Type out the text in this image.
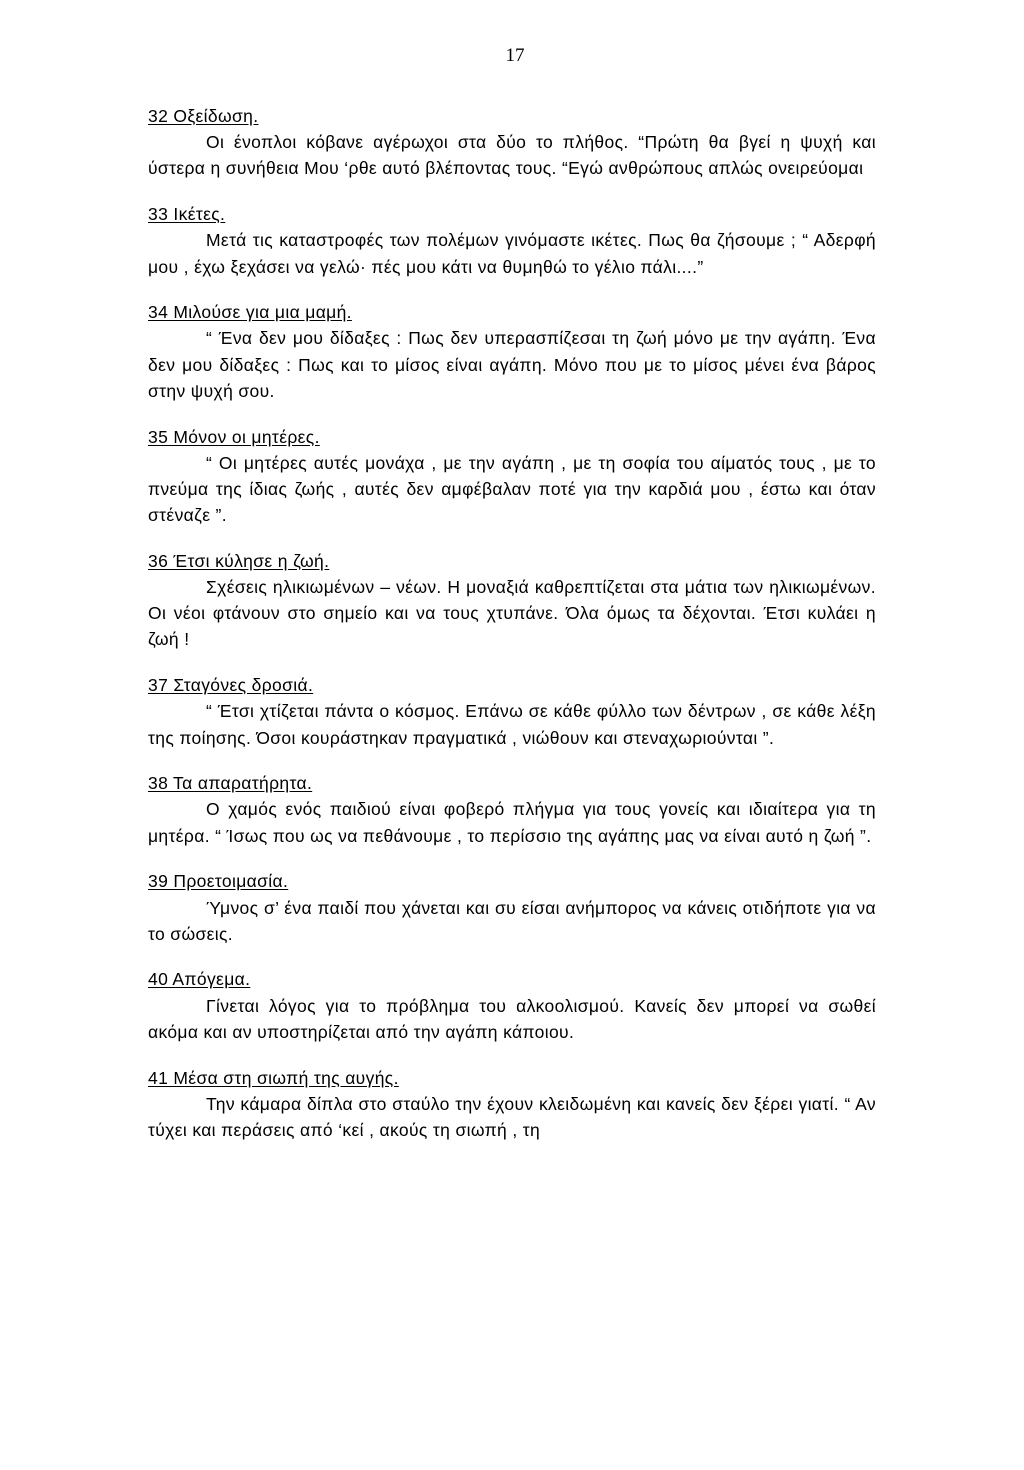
17
32 Οξείδωση.

Οι ένοπλοι κόβανε αγέρωχοι στα δύο το πλήθος. “Πρώτη θα βγεί η ψυχή και ύστερα η συνήθεια Μου ‘ρθε αυτό βλέποντας τους. “Εγώ ανθρώπους απλώς ονειρεύομαι

33 Ικέτες.

Μετά τις καταστροφές των πολέμων γινόμαστε ικέτες. Πως θα ζήσουμε ; “ Αδερφή μου , έχω ξεχάσει να γελώ· πές μου κάτι να θυμηθώ το γέλιο πάλι....”

34 Μιλούσε για μια μαμή.

“ Ένα δεν μου δίδαξες : Πως δεν υπερασπίζεσαι τη ζωή μόνο με την αγάπη. Ένα δεν μου δίδαξες : Πως και το μίσος είναι αγάπη. Μόνο που με το μίσος μένει ένα βάρος στην ψυχή σου.

35 Μόνον οι μητέρες.

“ Οι μητέρες αυτές μονάχα , με την αγάπη , με τη σοφία του αίματός τους , με το πνεύμα της ίδιας ζωής , αυτές δεν αμφέβαλαν ποτέ για την καρδιά μου , έστω και όταν στέναζε ”.

36 Έτσι κύλησε η ζωή.

Σχέσεις ηλικιωμένων – νέων. Η μοναξιά καθρεπτίζεται στα μάτια των ηλικιωμένων. Οι νέοι φτάνουν στο σημείο και να τους χτυπάνε. Όλα όμως τα δέχονται. Έτσι κυλάει η ζωή !

37 Σταγόνες δροσιά.

“ Έτσι χτίζεται πάντα ο κόσμος. Επάνω σε κάθε φύλλο των δέντρων , σε κάθε λέξη της ποίησης. Όσοι κουράστηκαν πραγματικά , νιώθουν και στεναχωριούνται ”.

38 Τα απαρατήρητα.

Ο χαμός ενός παιδιού είναι φοβερό πλήγμα για τους γονείς και ιδιαίτερα για τη μητέρα. “ Ίσως που ως να πεθάνουμε , το περίσσιο της αγάπης μας να είναι αυτό η ζωή ”.

39 Προετοιμασία.

Ύμνος σ’ ένα παιδί που χάνεται και συ είσαι ανήμπορος να κάνεις οτιδήποτε για να το σώσεις.

40 Απόγεμα.

Γίνεται λόγος για το πρόβλημα του αλκοολισμού. Κανείς δεν μπορεί να σωθεί ακόμα και αν υποστηρίζεται από την αγάπη κάποιου.

41 Μέσα στη σιωπή της αυγής.

Την κάμαρα δίπλα στο σταύλο την έχουν κλειδωμένη και κανείς δεν ξέρει γιατί. “ Αν τύχει και περάσεις από ‘κεί , ακούς τη σιωπή , τη
